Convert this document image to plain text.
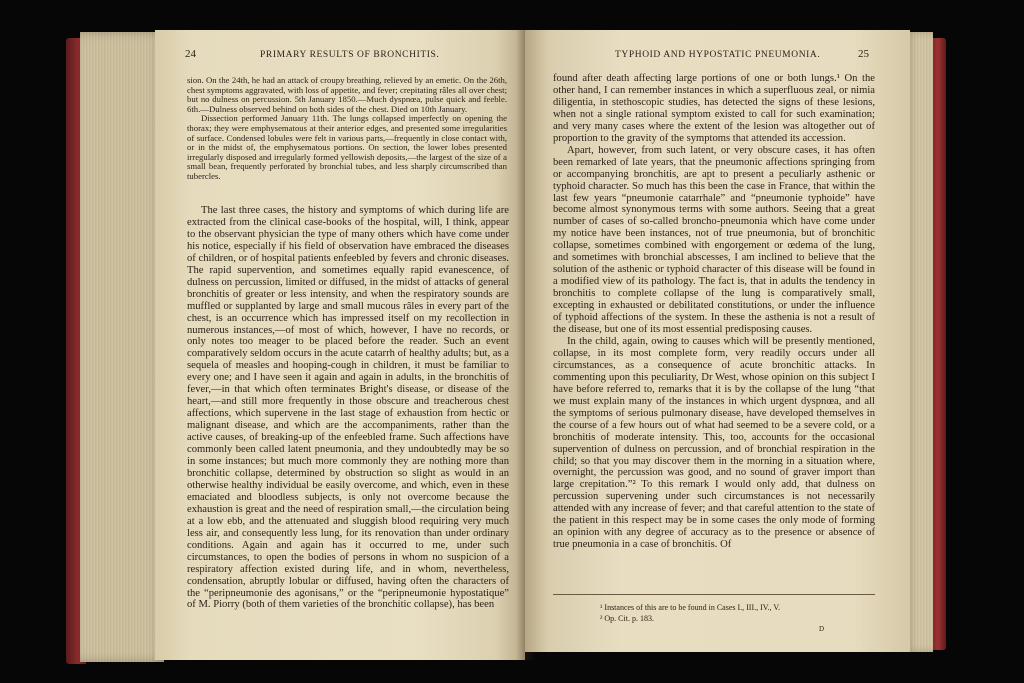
24	PRIMARY RESULTS OF BRONCHITIS.

sion. On the 24th, he had an attack of croupy breathing, relieved by an emetic. On the 26th, chest symptoms aggravated, with loss of appetite, and fever; crepitating râles all over chest; but no dulness on percussion. 5th January 1850.—Much dyspnœa, pulse quick and feeble. 6th.—Dulness observed behind on both sides of the chest. Died on 10th January.

Dissection performed January 11th. The lungs collapsed imperfectly on opening the thorax; they were emphysematous at their anterior edges, and presented some irregularities of surface. Condensed lobules were felt in various parts,—frequently in close contact with, or in the midst of, the emphysematous portions. On section, the lower lobes presented irregularly disposed and irregularly formed yellowish deposits,—the largest of the size of a small bean, frequently perforated by bronchial tubes, and less sharply circumscribed than tubercles.

The last three cases, the history and symptoms of which during life are extracted from the clinical case-books of the hospital, will, I think, appear to the observant physician the type of many others which have come under his notice, especially if his field of observation have embraced the diseases of children, or of hospital patients enfeebled by fevers and chronic diseases. The rapid supervention, and sometimes equally rapid evanescence, of dulness on percussion, limited or diffused, in the midst of attacks of general bronchitis of greater or less intensity, and when the respiratory sounds are muffled or supplanted by large and small mucous râles in every part of the chest, is an occurrence which has impressed itself on my recollection in numerous instances,—of most of which, however, I have no records, or only notes too meager to be placed before the reader. Such an event comparatively seldom occurs in the acute catarrh of healthy adults; but, as a sequela of measles and hooping-cough in children, it must be familiar to every one; and I have seen it again and again in adults, in the bronchitis of fever,—in that which often terminates Bright's disease, or disease of the heart,—and still more frequently in those obscure and treacherous chest affections, which supervene in the last stage of exhaustion from hectic or malignant disease, and which are the accompaniments, rather than the active causes, of breaking-up of the enfeebled frame. Such affections have commonly been called latent pneumonia, and they undoubtedly may be so in some instances; but much more commonly they are nothing more than bronchitic collapse, determined by obstruction so slight as would in an otherwise healthy individual be easily overcome, and which, even in these emaciated and bloodless subjects, is only not overcome because the exhaustion is great and the need of respiration small,—the circulation being at a low ebb, and the attenuated and sluggish blood requiring very much less air, and consequently less lung, for its renovation than under ordinary conditions. Again and again has it occurred to me, under such circumstances, to open the bodies of persons in whom no suspicion of a respiratory affection existed during life, and in whom, nevertheless, condensation, abruptly lobular or diffused, having often the characters of the “peripneumonie des agonisans,” or the “peripneumonie hypostatique” of M. Piorry (both of them varieties of the bronchitic collapse), has been
TYPHOID AND HYPOSTATIC PNEUMONIA.	25

found after death affecting large portions of one or both lungs.¹ On the other hand, I can remember instances in which a superfluous zeal, or nimia diligentia, in stethoscopic studies, has detected the signs of these lesions, when not a single rational symptom existed to call for such examination; and very many cases where the extent of the lesion was altogether out of proportion to the gravity of the symptoms that attended its accession.

Apart, however, from such latent, or very obscure cases, it has often been remarked of late years, that the pneumonic affections springing from or accompanying bronchitis, are apt to present a peculiarly asthenic or typhoid character. So much has this been the case in France, that within the last few years “pneumonie catarrhale” and “pneumonie typhoide” have become almost synonymous terms with some authors. Seeing that a great number of cases of so-called broncho-pneumonia which have come under my notice have been instances, not of true pneumonia, but of bronchitic collapse, sometimes combined with engorgement or œdema of the lung, and sometimes with bronchial abscesses, I am inclined to believe that the solution of the asthenic or typhoid character of this disease will be found in a modified view of its pathology. The fact is, that in adults the tendency in bronchitis to complete collapse of the lung is comparatively small, excepting in exhausted or debilitated constitutions, or under the influence of typhoid affections of the system. In these the asthenia is not a result of the disease, but one of its most essential predisposing causes.

In the child, again, owing to causes which will be presently mentioned, collapse, in its most complete form, very readily occurs under all circumstances, as a consequence of acute bronchitic attacks. In commenting upon this peculiarity, Dr West, whose opinion on this subject I have before referred to, remarks that it is by the collapse of the lung “that we must explain many of the instances in which urgent dyspnœa, and all the symptoms of serious pulmonary disease, have developed themselves in the course of a few hours out of what had seemed to be a severe cold, or a bronchitis of moderate intensity. This, too, accounts for the occasional supervention of dulness on percussion, and of bronchial respiration in the child; so that you may discover them in the morning in a situation where, overnight, the percussion was good, and no sound of graver import than large crepitation.”² To this remark I would only add, that dulness on percussion supervening under such circumstances is not necessarily attended with any increase of fever; and that careful attention to the state of the patient in this respect may be in some cases the only mode of forming an opinion with any degree of accuracy as to the presence or absence of true pneumonia in a case of bronchitis. Of

¹ Instances of this are to be found in Cases I., III., IV., V.
² Op. Cit. p. 183.
D
